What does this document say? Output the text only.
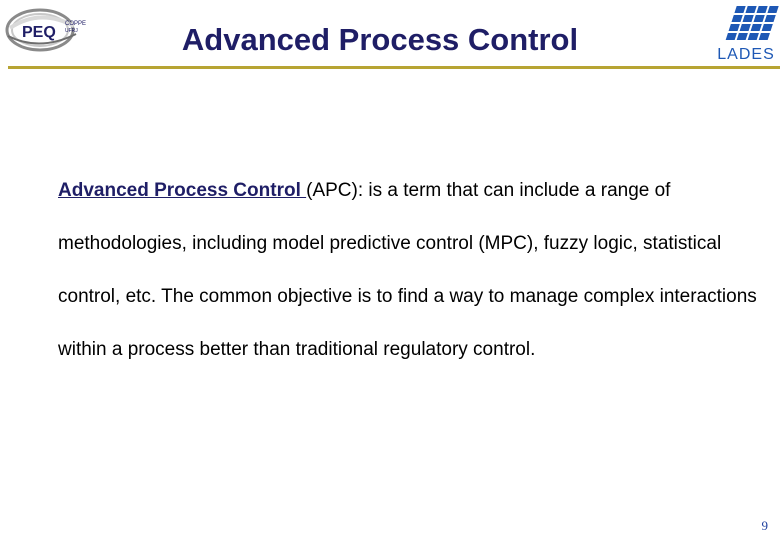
PEQ COPPE
UFRJ	Advanced Process Control	LADES

Advanced Process Control (APC): is a term that can include a range of methodologies, including model predictive control (MPC), fuzzy logic, statistical control, etc. The common objective is to find a way to manage complex interactions within a process better than traditional regulatory control.

9
